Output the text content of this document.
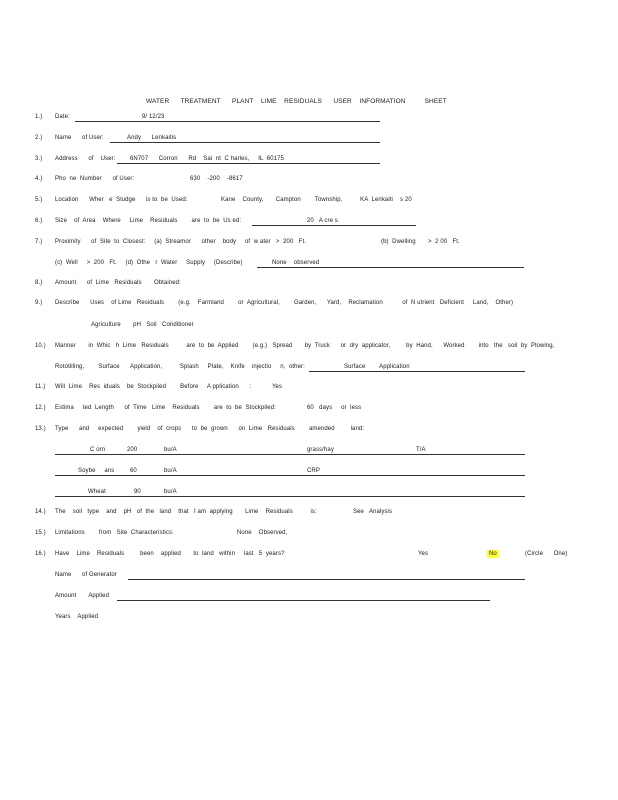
WATER      TREATMENT      PLANT    LIME    RESIDUALS      USER    INFORMATION          SHEET
1.) Date:	9/ 12/23
2.) Name      of User:	Andy      Lenkaitis
3.) Address      of    User: 6N707      Corron      Rd    Sai  nt  C harles,     IL  60175
4.) Pho  ne  Number      of User:	630    -200    -8617
5.) Location      Wher   e  Sludge      is to  be  Used:	Kane    County,       Campton        Township,          KA  Lenkaiti    s 20
6.) Size    of  Area    Where     Lime    Residuals        are  to  be  Us ed:	20   A cre s
7.) Proximity      of  Site  to  Closest:     (a)  Streamor      other    body     of  w ater   >  200   Ft.	(b)  Dwelling       >  2 00   Ft.
(c)  Well     >  200   Ft.     (d)  Othe   r  Water     Supply     (Describe)	None    observed
8.) Amount      of  Lime   Residuals       Obtained:
9.) Describe      Uses    of Lime   Residuals        (e.g.    Farmland        or  Agricultural,        Garden,      Yard,    Reclamation           of  N utrient   Deficient     Land,    Other)
Agriculture       pH   Soil   Conditioner
10.) Manner       in  Whic   h  Lime   Residuals          are  to  be  Applied        (e.g.)   Spread       by  Truck      or  dry  applicator,         by  Hand,      Worked        into   the   soil  by  Plowing,
Rototilling,        Surface      Application,          Splash     Plate,    Knife    injectio     n,  other:	Surface        Application
11.) Will  Lime    Res  iduals    be  Stockpiled        Before     A pplication      :	Yes
12.) Estima     ted  Length      of  Time   Lime    Residuals        are  to  be  Stockpiled:	60   days     or  less
13.) Type      and     expected        yield    of  crops      to  be  grown      on  Lime   Residuals        amended         land:
C orn	200	bu/A	grass/hay	T/A
Soybe     ans	60	bu/A	CRP
Wheat	90	bu/A
14.) The    soil   type    and    pH   of  the   land    that   I am  applying       Lime    Residuals          is:	See   Analysis
15.) Limitations        from   Site  Characteristics:	None    Observed,
16.) Have    Lime    Residuals         been    applied       to  land   within     last   5  years?	Yes	No	(Circle      One)
Name      of Generator
Amount       Applied
Years    Applied
